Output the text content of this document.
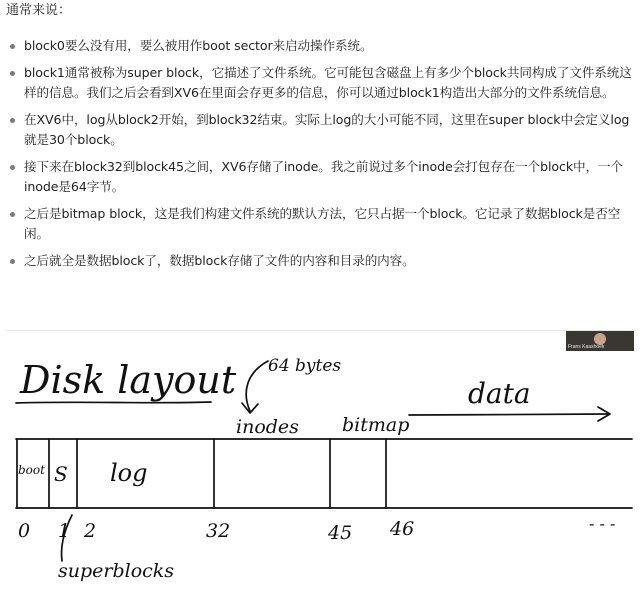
通常来说：

block0要么没有用，要么被用作boot sector来启动操作系统。
block1通常被称为super block，它描述了文件系统。它可能包含磁盘上有多少个block共同构成了文件系统这样的信息。我们之后会看到XV6在里面会存更多的信息，你可以通过block1构造出大部分的文件系统信息。
在XV6中，log从block2开始，到block32结束。实际上log的大小可能不同，这里在super block中会定义log就是30个block。
接下来在block32到block45之间，XV6存储了inode。我之前说过多个inode会打包存在一个block中，一个inode是64字节。
之后是bitmap block，这是我们构建文件系统的默认方法，它只占据一个block。它记录了数据block是否空闲。
之后就全是数据block了，数据block存储了文件的内容和目录的内容。
Disk layout 64 bytes
inodes bitmap
data
boot S log
0 1 2	32	45 46	- - -
superblocks
Frans Kaashoek
